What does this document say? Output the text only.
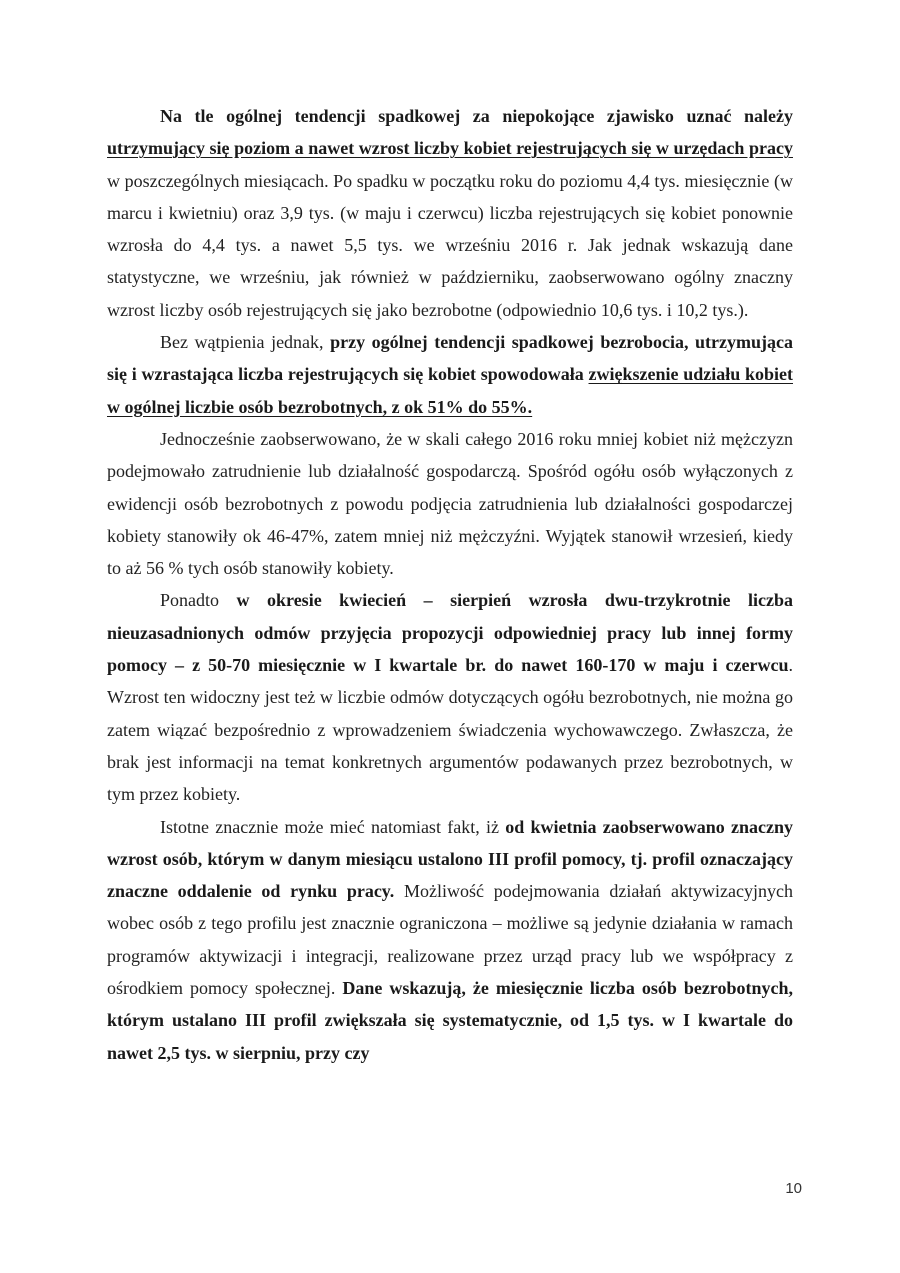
Na tle ogólnej tendencji spadkowej za niepokojące zjawisko uznać należy utrzymujący się poziom a nawet wzrost liczby kobiet rejestrujących się w urzędach pracy w poszczególnych miesiącach. Po spadku w początku roku do poziomu 4,4 tys. miesięcznie (w marcu i kwietniu) oraz 3,9 tys. (w maju i czerwcu) liczba rejestrujących się kobiet ponownie wzrosła do 4,4 tys. a nawet 5,5 tys. we wrześniu 2016 r. Jak jednak wskazują dane statystyczne, we wrześniu, jak również w październiku, zaobserwowano ogólny znaczny wzrost liczby osób rejestrujących się jako bezrobotne (odpowiednio 10,6 tys. i 10,2 tys.).

Bez wątpienia jednak, przy ogólnej tendencji spadkowej bezrobocia, utrzymująca się i wzrastająca liczba rejestrujących się kobiet spowodowała zwiększenie udziału kobiet w ogólnej liczbie osób bezrobotnych, z ok 51% do 55%.

Jednocześnie zaobserwowano, że w skali całego 2016 roku mniej kobiet niż mężczyzn podejmowało zatrudnienie lub działalność gospodarczą. Spośród ogółu osób wyłączonych z ewidencji osób bezrobotnych z powodu podjęcia zatrudnienia lub działalności gospodarczej kobiety stanowiły ok 46-47%, zatem mniej niż mężczyźni. Wyjątek stanowił wrzesień, kiedy to aż 56 % tych osób stanowiły kobiety.

Ponadto w okresie kwiecień – sierpień wzrosła dwu-trzykrotnie liczba nieuzasadnionych odmów przyjęcia propozycji odpowiedniej pracy lub innej formy pomocy – z 50-70 miesięcznie w I kwartale br. do nawet 160-170 w maju i czerwcu. Wzrost ten widoczny jest też w liczbie odmów dotyczących ogółu bezrobotnych, nie można go zatem wiązać bezpośrednio z wprowadzeniem świadczenia wychowawczego. Zwłaszcza, że brak jest informacji na temat konkretnych argumentów podawanych przez bezrobotnych, w tym przez kobiety.

Istotne znacznie może mieć natomiast fakt, iż od kwietnia zaobserwowano znaczny wzrost osób, którym w danym miesiącu ustalono III profil pomocy, tj. profil oznaczający znaczne oddalenie od rynku pracy. Możliwość podejmowania działań aktywizacyjnych wobec osób z tego profilu jest znacznie ograniczona – możliwe są jedynie działania w ramach programów aktywizacji i integracji, realizowane przez urząd pracy lub we współpracy z ośrodkiem pomocy społecznej. Dane wskazują, że miesięcznie liczba osób bezrobotnych, którym ustalano III profil zwiększała się systematycznie, od 1,5 tys. w I kwartale do nawet 2,5 tys. w sierpniu, przy czy

10
